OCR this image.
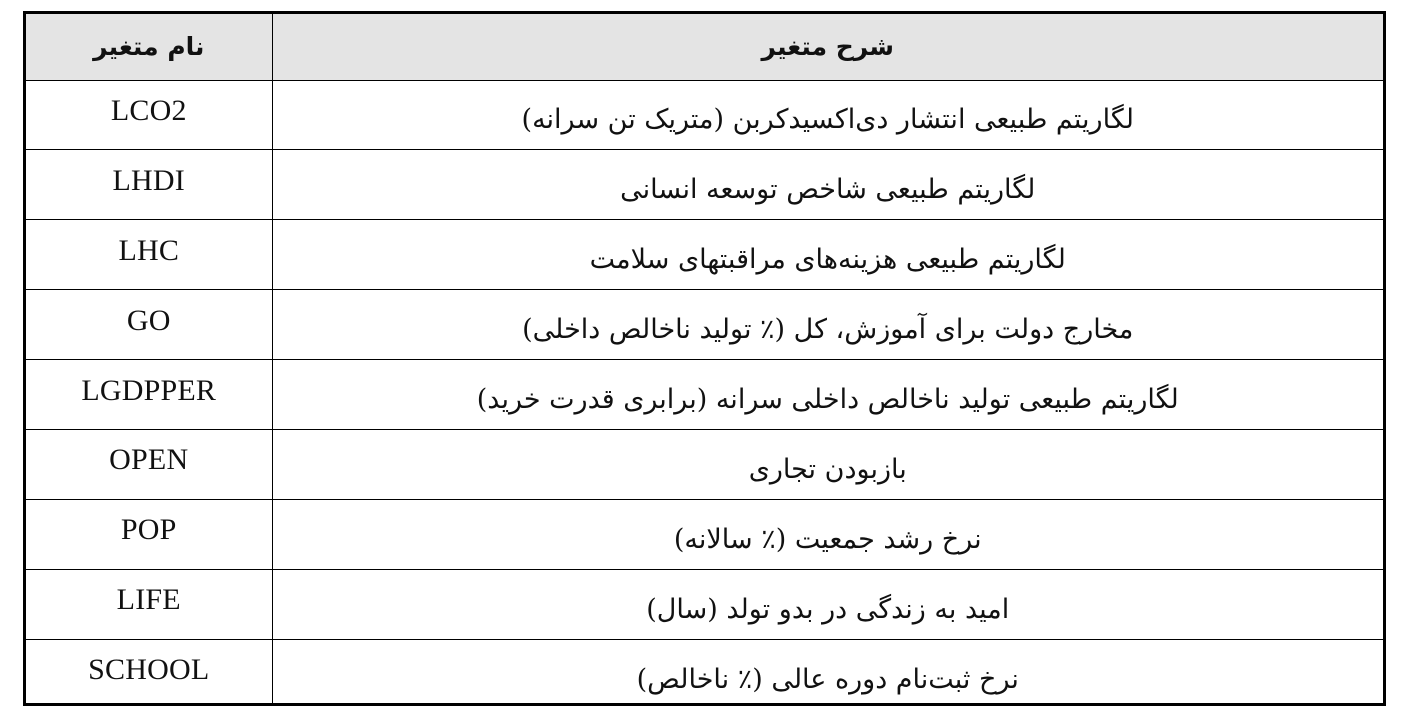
نام متغیر	شرح متغیر
LCO2	لگاریتم طبیعی انتشار دی‌اکسیدکربن (متریک تن سرانه)
LHDI	لگاریتم طبیعی شاخص توسعه انسانی
LHC	لگاریتم طبیعی هزینه‌های مراقبتهای سلامت
GO	مخارج دولت برای آموزش، کل (٪ تولید ناخالص داخلی)
LGDPPER	لگاریتم طبیعی تولید ناخالص داخلی سرانه (برابری قدرت خرید)
OPEN	بازبودن تجاری
POP	نرخ رشد جمعیت (٪ سالانه)
LIFE	امید به زندگی در بدو تولد (سال)
SCHOOL	نرخ ثبت‌نام دوره عالی (٪ ناخالص)
